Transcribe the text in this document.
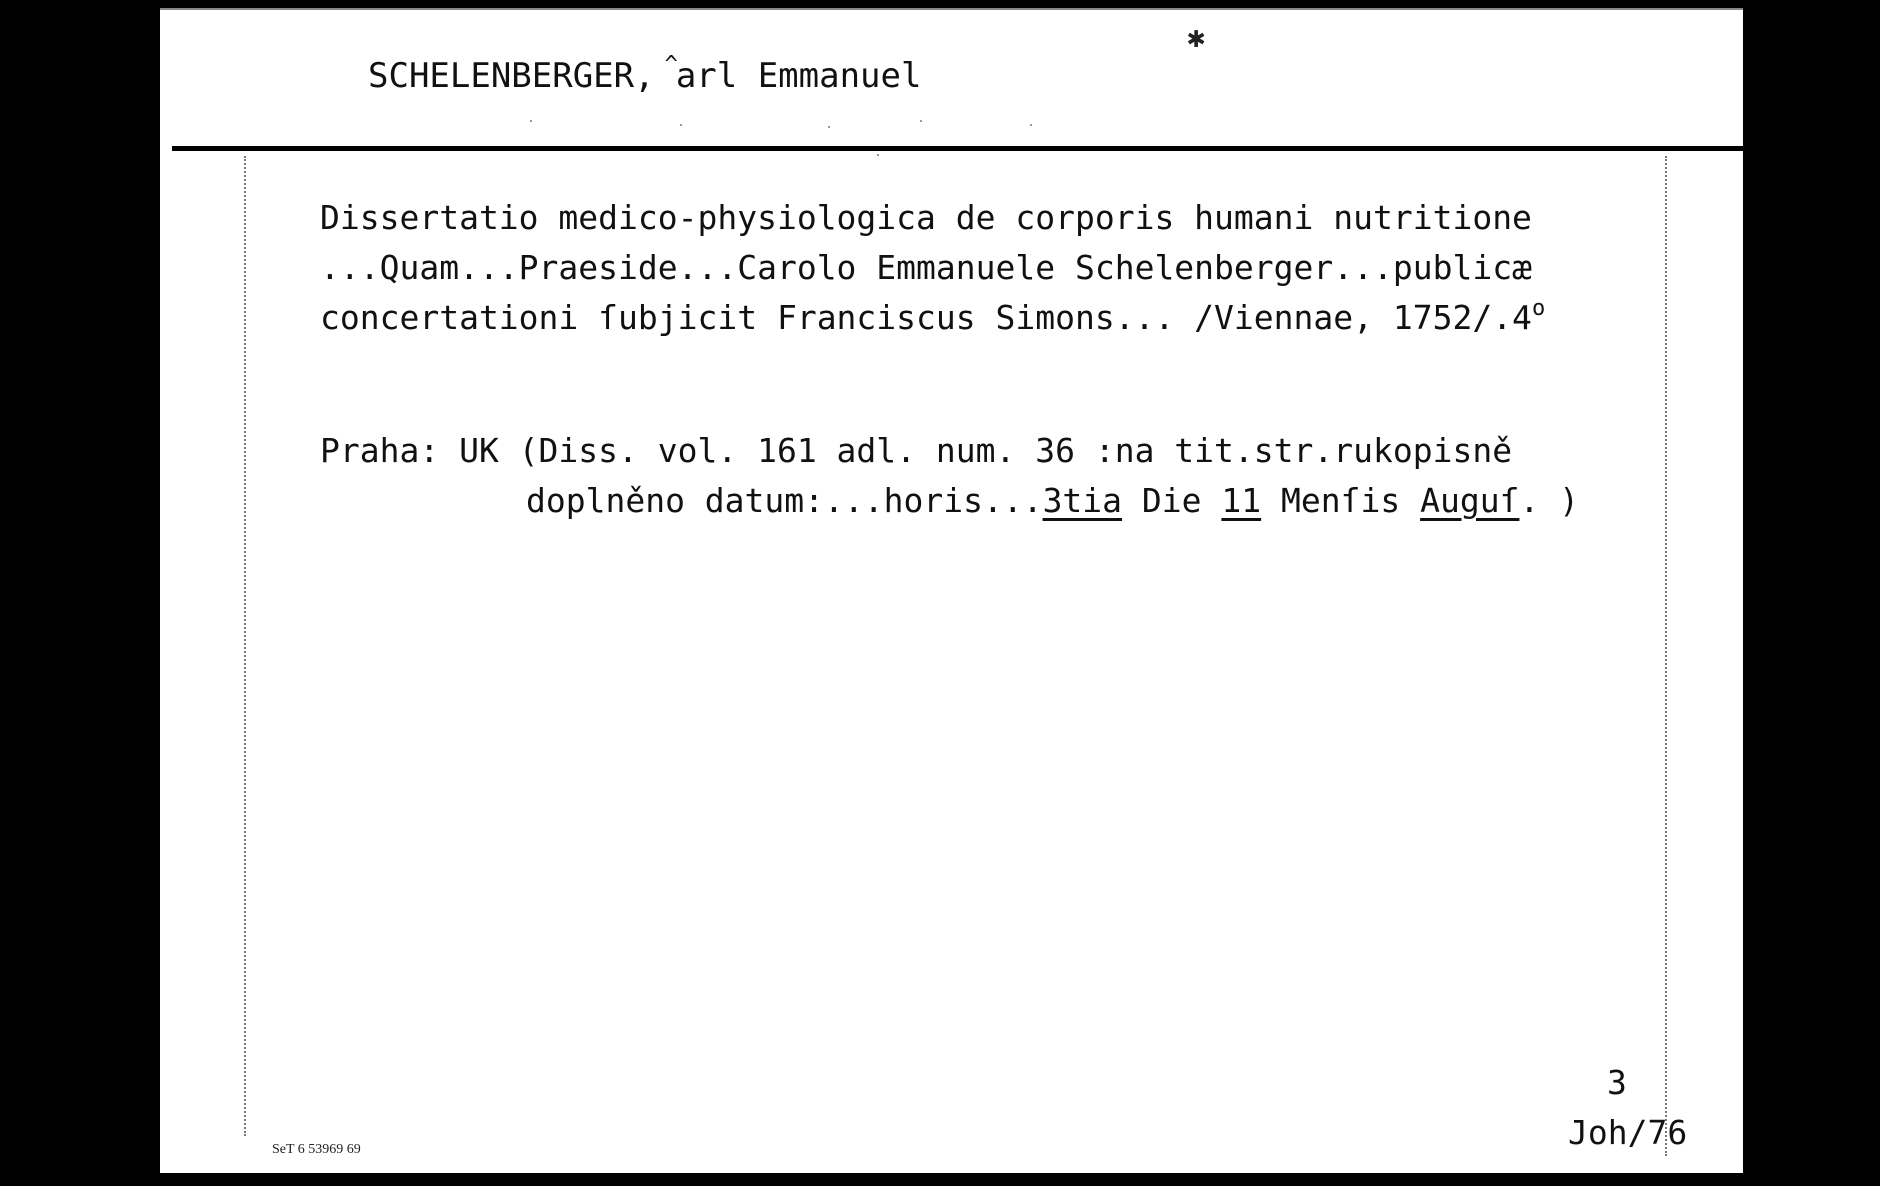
SCHELENBERGER, ^arl Emmanuel
✱
Dissertatio medico-physiologica de corporis humani nutritione
...Quam...Praeside...Carolo Emmanuele Schelenberger...publicæ
concertationi ſubjicit Franciscus Simons... /Viennae, 1752/.4$^o$
Praha: UK (Diss. vol. 161 adl. num. 36 :na tit.str.rukopisně
doplněno datum:...horis...3tia Die 11 Menſis Auguſ. )
3
Joh/76
SeT 6 53969 69
